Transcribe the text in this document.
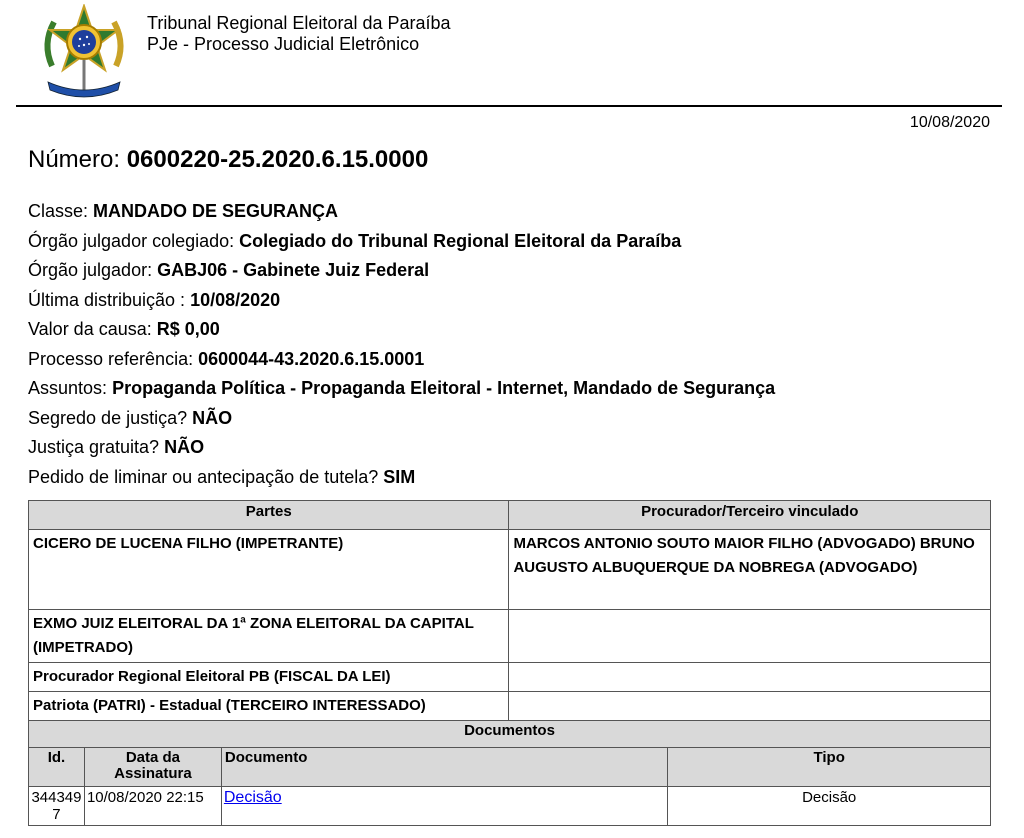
Tribunal Regional Eleitoral da Paraíba
PJe - Processo Judicial Eletrônico
10/08/2020
Número: 0600220-25.2020.6.15.0000
Classe: MANDADO DE SEGURANÇA
Órgão julgador colegiado: Colegiado do Tribunal Regional Eleitoral da Paraíba
Órgão julgador: GABJ06 - Gabinete Juiz Federal
Última distribuição : 10/08/2020
Valor da causa: R$ 0,00
Processo referência: 0600044-43.2020.6.15.0001
Assuntos: Propaganda Política - Propaganda Eleitoral - Internet, Mandado de Segurança
Segredo de justiça? NÃO
Justiça gratuita? NÃO
Pedido de liminar ou antecipação de tutela? SIM
Partes	Procurador/Terceiro vinculado
CICERO DE LUCENA FILHO (IMPETRANTE)	MARCOS ANTONIO SOUTO MAIOR FILHO (ADVOGADO) BRUNO AUGUSTO ALBUQUERQUE DA NOBREGA (ADVOGADO)
EXMO JUIZ ELEITORAL DA 1ª ZONA ELEITORAL DA CAPITAL (IMPETRADO)	
Procurador Regional Eleitoral PB (FISCAL DA LEI)	
Patriota (PATRI) - Estadual (TERCEIRO INTERESSADO)	
Documentos			
Id.	Data da Assinatura	Documento	Tipo
3443497	10/08/2020 22:15	Decisão	Decisão
